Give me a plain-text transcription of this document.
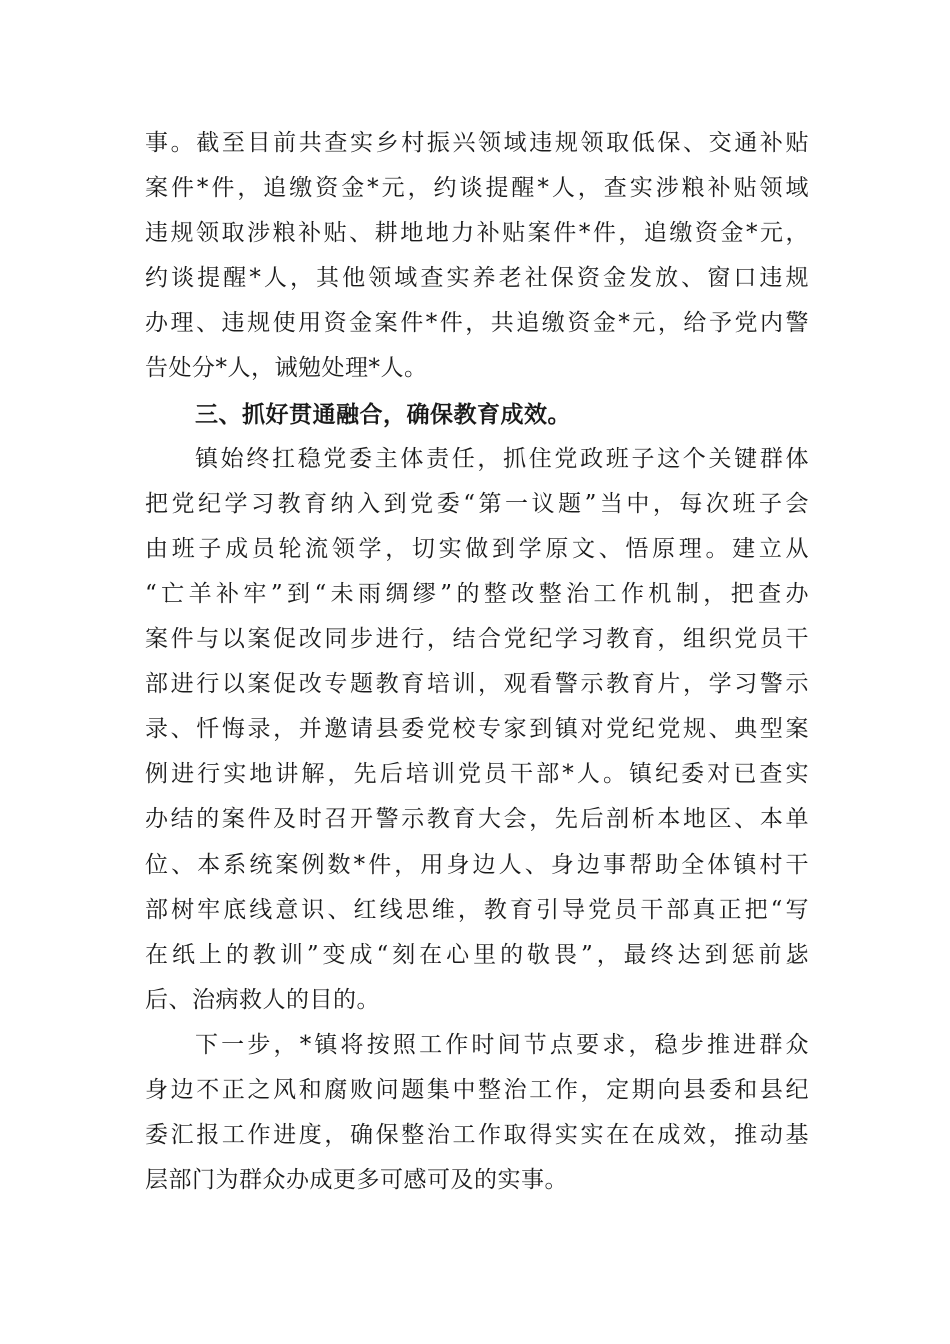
事。截至目前共查实乡村振兴领域违规领取低保、交通补贴
案件*件，追缴资金*元，约谈提醒*人，查实涉粮补贴领域
违规领取涉粮补贴、耕地地力补贴案件*件，追缴资金*元，
约谈提醒*人，其他领域查实养老社保资金发放、窗口违规
办理、违规使用资金案件*件，共追缴资金*元，给予党内警
告处分*人，诫勉处理*人。
三、抓好贯通融合，确保教育成效。
镇始终扛稳党委主体责任，抓住党政班子这个关键群体
把党纪学习教育纳入到党委“第一议题”当中，每次班子会
由班子成员轮流领学，切实做到学原文、悟原理。建立从
“亡羊补牢”到“未雨绸缪”的整改整治工作机制，把查办
案件与以案促改同步进行，结合党纪学习教育，组织党员干
部进行以案促改专题教育培训，观看警示教育片，学习警示
录、忏悔录，并邀请县委党校专家到镇对党纪党规、典型案
例进行实地讲解，先后培训党员干部*人。镇纪委对已查实
办结的案件及时召开警示教育大会，先后剖析本地区、本单
位、本系统案例数*件，用身边人、身边事帮助全体镇村干
部树牢底线意识、红线思维，教育引导党员干部真正把“写
在纸上的教训”变成“刻在心里的敬畏”，最终达到惩前毖
后、治病救人的目的。
下一步，*镇将按照工作时间节点要求，稳步推进群众
身边不正之风和腐败问题集中整治工作，定期向县委和县纪
委汇报工作进度，确保整治工作取得实实在在成效，推动基
层部门为群众办成更多可感可及的实事。
